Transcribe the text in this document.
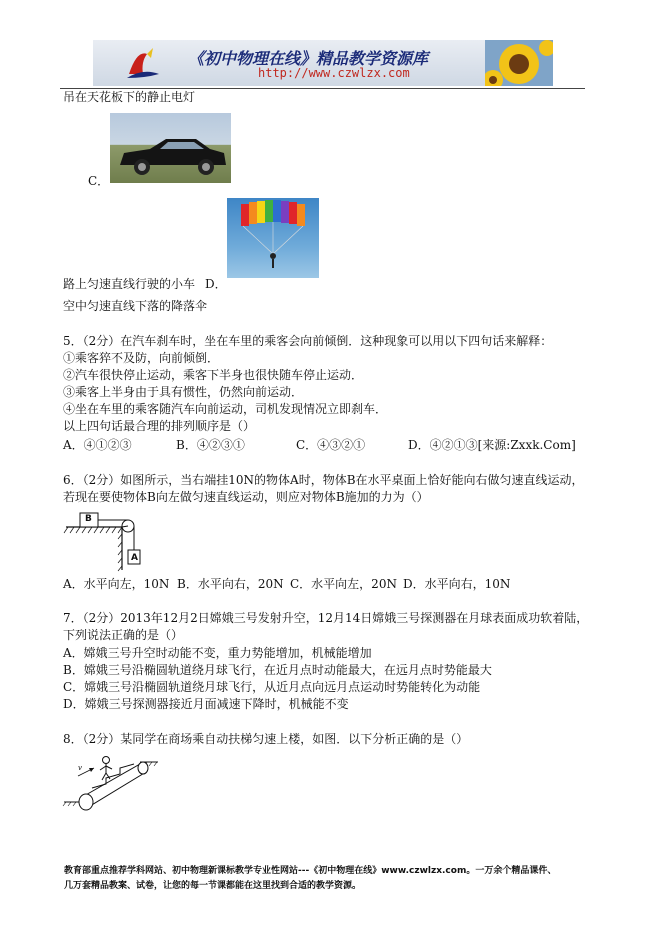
《初中物理在线》精品教学资源库
http://www.czwlzx.com
吊在天花板下的静止电灯
C．
路上匀速直线行驶的小车 D．
空中匀速直线下落的降落伞
5．（2分）在汽车刹车时，坐在车里的乘客会向前倾倒．这种现象可以用以下四句话来解释：
①乘客猝不及防，向前倾倒．
②汽车很快停止运动，乘客下半身也很快随车停止运动．
③乘客上半身由于具有惯性，仍然向前运动．
④坐在车里的乘客随汽车向前运动，司机发现情况立即刹车．
以上四句话最合理的排列顺序是（）
A．④①②③	B．④②③①	C．④③②①	D．④②①③[来源:Zxxk.Com]
6．（2分）如图所示，当右端挂10N的物体A时，物体B在水平桌面上恰好能向右做匀速直线运动，
若现在要使物体B向左做匀速直线运动，则应对物体B施加的力为（）
B
A
A．水平向左，10N B．水平向右，20N C．水平向左，20N D．水平向右，10N
7．（2分）2013年12月2日嫦娥三号发射升空，12月14日嫦娥三号探测器在月球表面成功软着陆，
下列说法正确的是（）
A．嫦娥三号升空时动能不变，重力势能增加，机械能增加
B．嫦娥三号沿椭圆轨道绕月球飞行，在近月点时动能最大，在远月点时势能最大
C．嫦娥三号沿椭圆轨道绕月球飞行，从近月点向远月点运动时势能转化为动能
D．嫦娥三号探测器接近月面减速下降时，机械能不变
8．（2分）某同学在商场乘自动扶梯匀速上楼，如图．以下分析正确的是（）
v
教育部重点推荐学科网站、初中物理新课标教学专业性网站---《初中物理在线》www.czwlzx.com。一万余个精品课件、
几万套精品教案、试卷，让您的每一节课都能在这里找到合适的教学资源。
